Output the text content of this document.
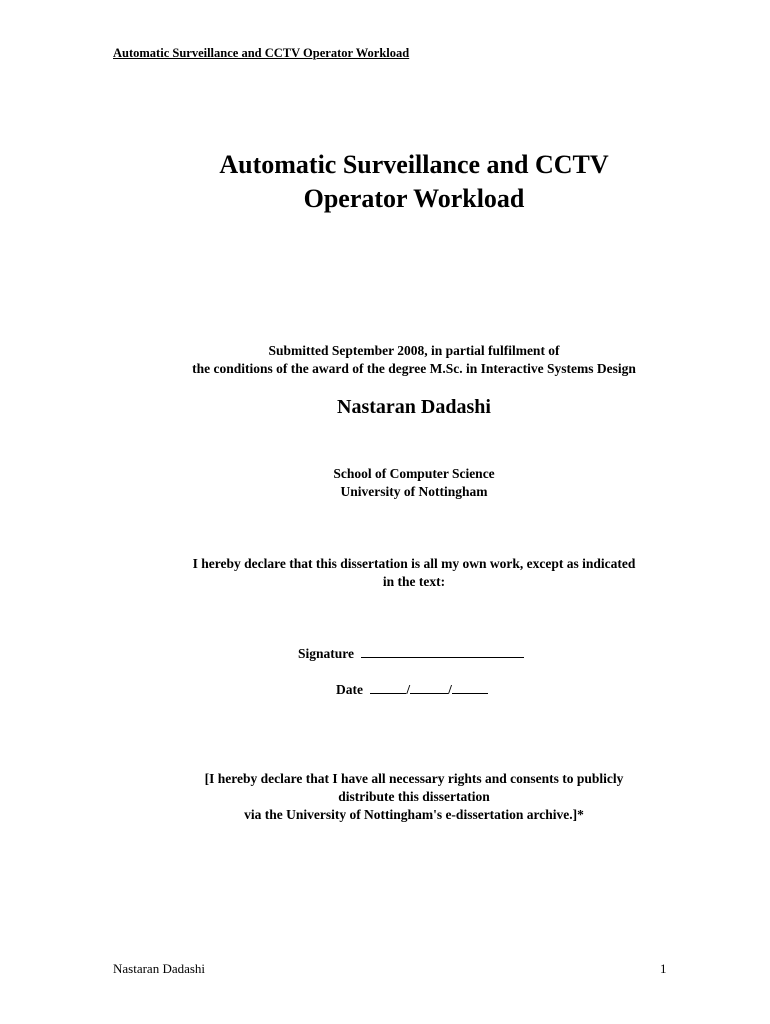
Automatic Surveillance and CCTV Operator Workload
Automatic Surveillance and CCTV
Operator Workload
Submitted September 2008, in partial fulfilment of
the conditions of the award of the degree M.Sc. in Interactive Systems Design
Nastaran Dadashi
School of Computer Science
University of Nottingham
I hereby declare that this dissertation is all my own work, except as indicated
in the text:
Signature
Date	/	/
[I hereby declare that I have all necessary rights and consents to publicly
distribute this dissertation
via the University of Nottingham's e-dissertation archive.]*
Nastaran Dadashi	1
